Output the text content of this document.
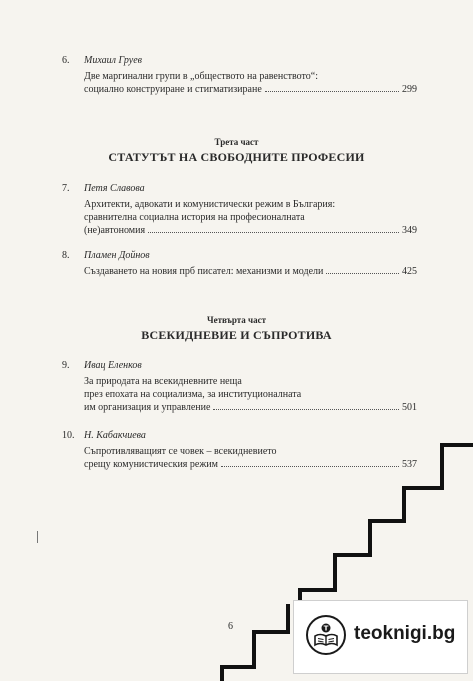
6. Михаил Груев
Две маргинални групи в „обществото на равенството“:
социално конструиране и стигматизиране	299
Трета част
СТАТУТЪТ НА СВОБОДНИТЕ ПРОФЕСИИ
7. Петя Славова
Архитекти, адвокати и комунистически режим в България:
сравнителна социална история на професионалната
(не)автономия	349
8. Пламен Дойнов
Създаването на новия пpб писател: механизми и модели	425
Четвърта част
ВСЕКИДНЕВИЕ И СЪПРОТИВА
9. Ивац Еленков
За природата на всекидневните неща
пpез епохата на социализма, за институционалната
им организация и управление	501
10. Н. Кабакчиева
Съпротивляващият се човек – всекидневието
срещу комунистическия режим	537
6	T teoknigi.bg
